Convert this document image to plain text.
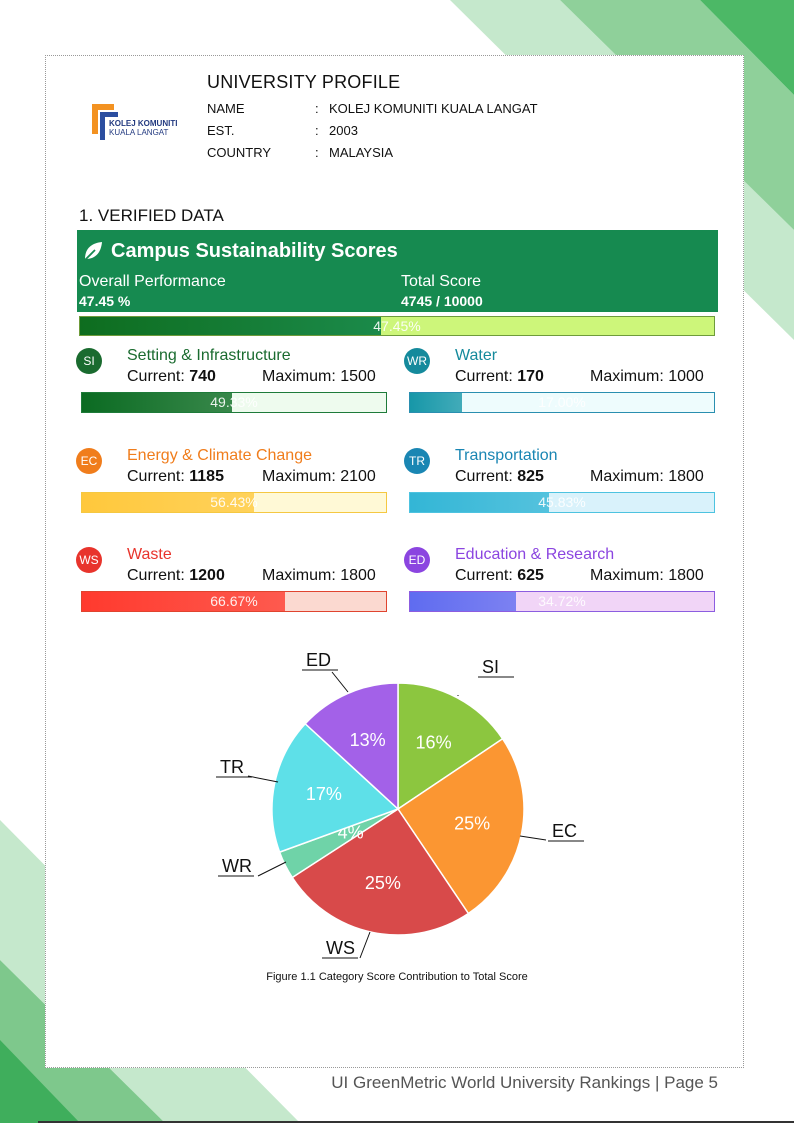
KOLEJ KOMUNITI
KUALA LANGAT
UNIVERSITY PROFILE
NAME	: KOLEJ KOMUNITI KUALA LANGAT
EST.	: 2003
COUNTRY	: MALAYSIA
1. VERIFIED DATA
Campus Sustainability Scores
Overall Performance
47.45 %
Total Score
4745 / 10000
47.45%
SI	Setting & Infrastructure
Current: 740	Maximum: 1500
49.33%
WR Water
Current: 170	Maximum: 1000
17.00%
EC Energy & Climate Change
Current: 1185 Maximum: 2100
56.43%
TR	Transportation
Current: 825	Maximum: 1800
45.83%
WS Waste
Current: 1200 Maximum: 1800
66.67%
ED Education & Research
Current: 625	Maximum: 1800
34.72%
16%
SI
25%	EC
25%
WS
4%
WR
17%
TR
13%
ED
Figure 1.1 Category Score Contribution to Total Score
UI GreenMetric World University Rankings | Page 5
